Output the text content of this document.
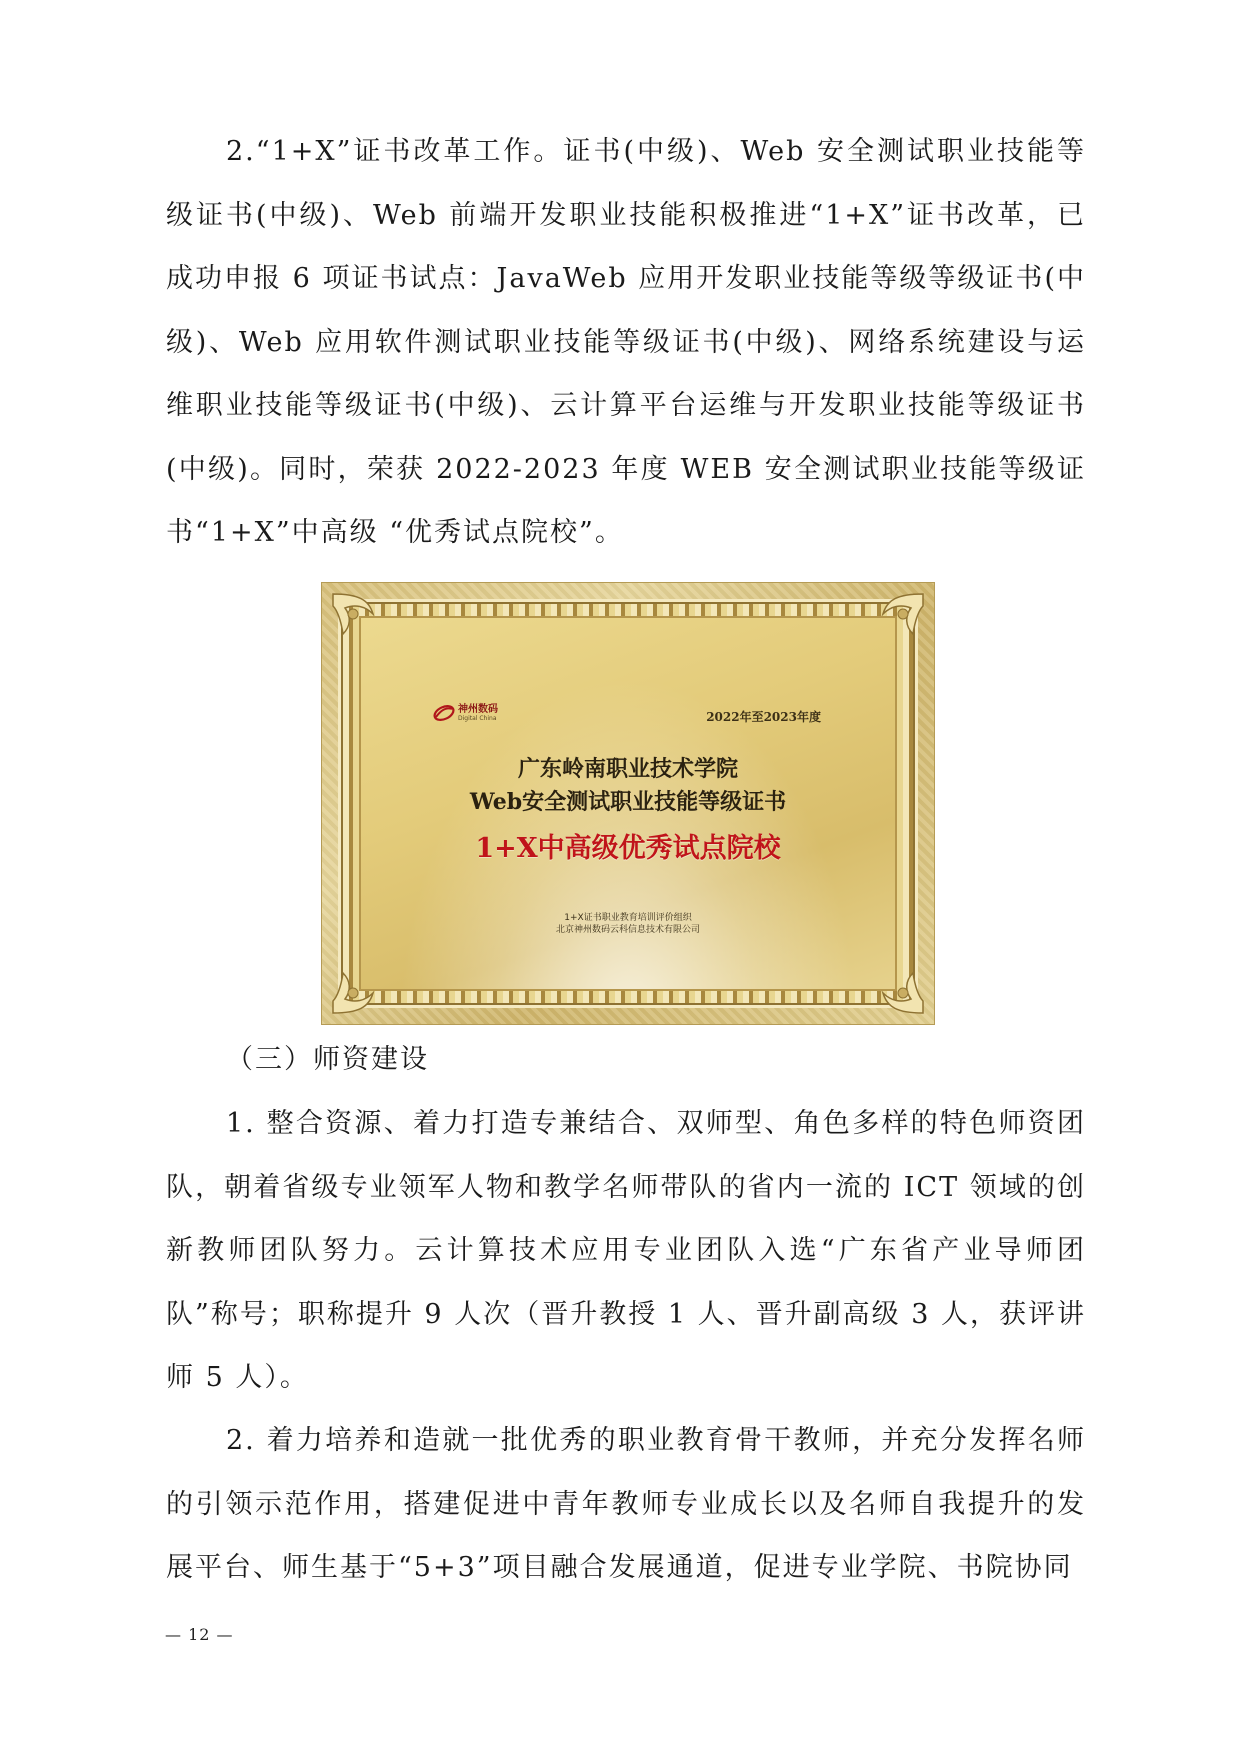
2.“1+X”证书改革工作。证书(中级)、Web 安全测试职业技能等级证书(中级)、Web 前端开发职业技能积极推进“1+X”证书改革，已成功申报 6 项证书试点：JavaWeb 应用开发职业技能等级等级证书(中级)、Web 应用软件测试职业技能等级证书(中级)、网络系统建设与运维职业技能等级证书(中级)、云计算平台运维与开发职业技能等级证书(中级)。同时，荣获 2022-2023 年度 WEB 安全测试职业技能等级证书“1+X”中高级 “优秀试点院校”。

神州数码
Digital China	2022年至2023年度
广东岭南职业技术学院
Web安全测试职业技能等级证书
1+X中高级优秀试点院校
1+X证书职业教育培训评价组织
北京神州数码云科信息技术有限公司

（三）师资建设

1. 整合资源、着力打造专兼结合、双师型、角色多样的特色师资团队，朝着省级专业领军人物和教学名师带队的省内一流的 ICT 领域的创新教师团队努力。云计算技术应用专业团队入选“广东省产业导师团队”称号；职称提升 9 人次（晋升教授 1 人、晋升副高级 3 人，获评讲师 5 人）。

2. 着力培养和造就一批优秀的职业教育骨干教师，并充分发挥名师的引领示范作用，搭建促进中青年教师专业成长以及名师自我提升的发展平台、师生基于“5+3”项目融合发展通道，促进专业学院、书院协同

— 12 —
